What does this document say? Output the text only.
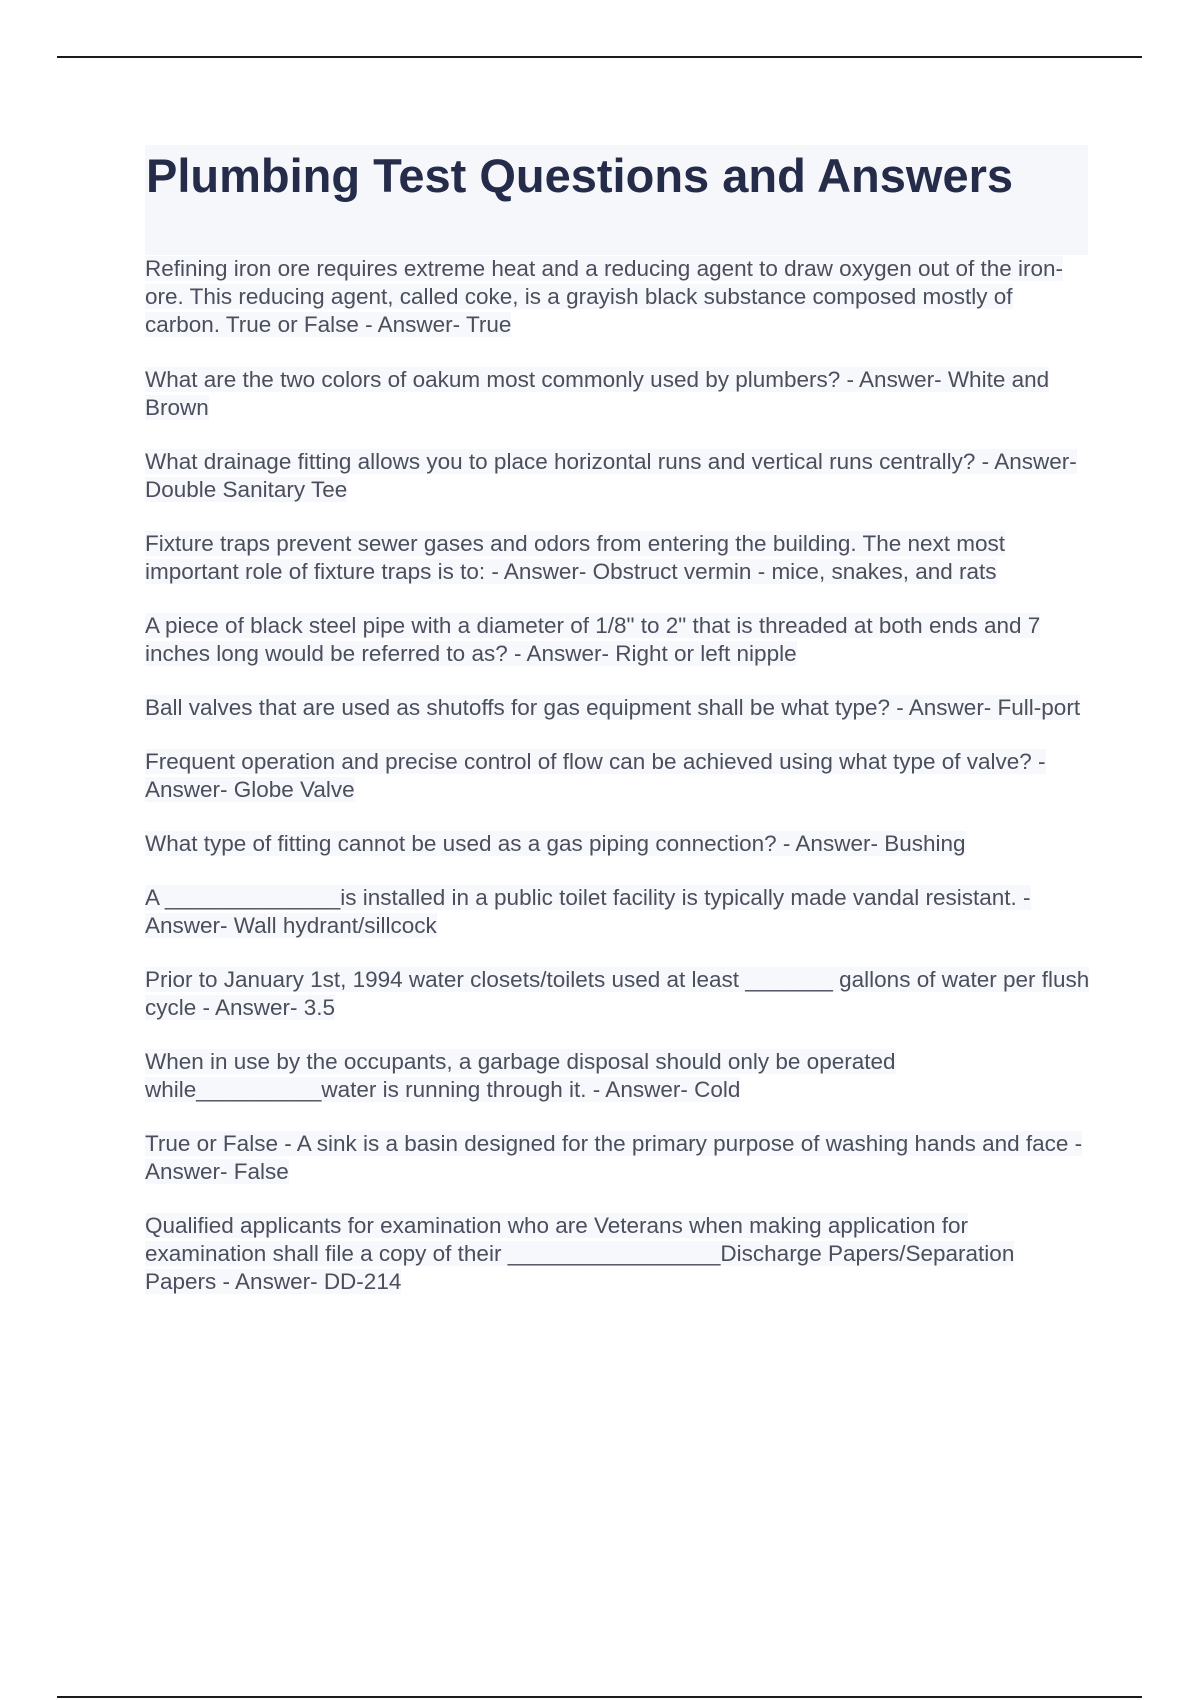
Plumbing Test Questions and Answers
Refining iron ore requires extreme heat and a reducing agent to draw oxygen out of the iron-ore. This reducing agent, called coke, is a grayish black substance composed mostly of carbon. True or False - Answer- True
What are the two colors of oakum most commonly used by plumbers? - Answer- White and Brown
What drainage fitting allows you to place horizontal runs and vertical runs centrally? - Answer- Double Sanitary Tee
Fixture traps prevent sewer gases and odors from entering the building. The next most important role of fixture traps is to: - Answer- Obstruct vermin - mice, snakes, and rats
A piece of black steel pipe with a diameter of 1/8" to 2" that is threaded at both ends and 7 inches long would be referred to as? - Answer- Right or left nipple
Ball valves that are used as shutoffs for gas equipment shall be what type? - Answer- Full-port
Frequent operation and precise control of flow can be achieved using what type of valve? - Answer- Globe Valve
What type of fitting cannot be used as a gas piping connection? - Answer- Bushing
A ______________is installed in a public toilet facility is typically made vandal resistant. - Answer- Wall hydrant/sillcock
Prior to January 1st, 1994 water closets/toilets used at least _______ gallons of water per flush cycle - Answer- 3.5
When in use by the occupants, a garbage disposal should only be operated while__________water is running through it. - Answer- Cold
True or False - A sink is a basin designed for the primary purpose of washing hands and face - Answer- False
Qualified applicants for examination who are Veterans when making application for examination shall file a copy of their _________________Discharge Papers/Separation Papers - Answer- DD-214
